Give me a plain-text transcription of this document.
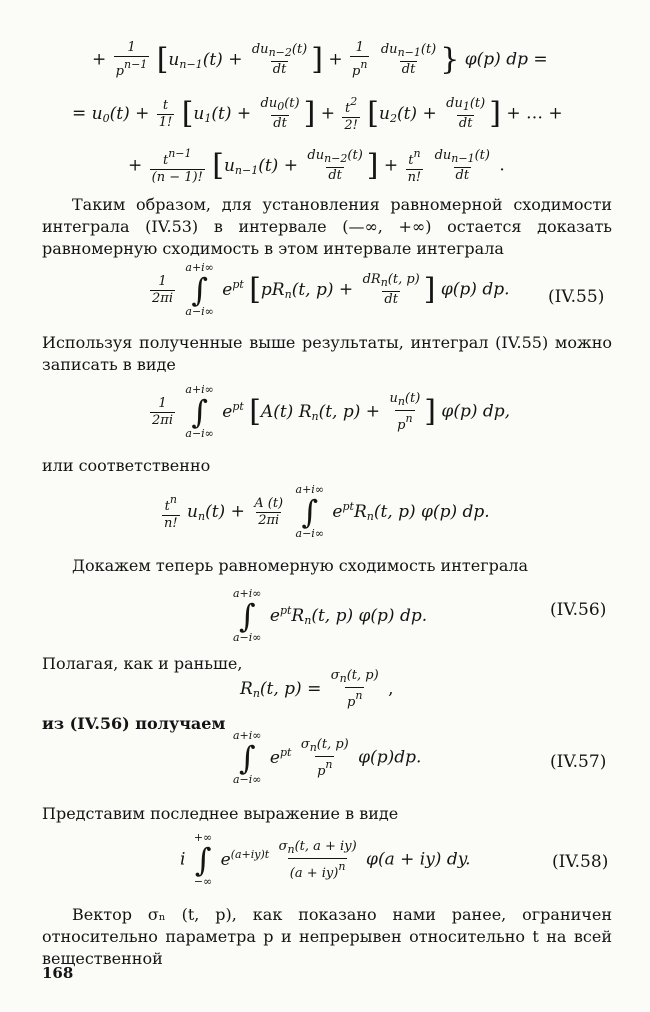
+ $\frac{1}{p^{n-1}} [u_{n-1}(t) + du_{n-2}(t)$
dt ] + $\frac{1}{p^n}$
$du_{n-1}(t)$
dt } φ(p) dp =
= $u_0(t) + \frac{t}{1!} [u_1(t) + \frac{du_0(t)}{dt}$ ] + $\frac{t^2}{2!} [u_2(t) + \frac{du_1(t)}{dt}$ ] + … +
+ $\frac{t^{n-1}}{(n - 1)!} [u_{n-1}(t) + du_{n-2}(t)$
dt ] + $\frac{t^n}{n!}$
$du_{n-1}(t)$
dt .
Таким образом, для установления равномерной сходимости интеграла (IV.53) в интервале (—∞, +∞) остается доказать равномерную сходимость в этом интервале интеграла
$\frac{1}{2\pi i}$

a+i∞
∫
a−i∞
$e^{pt}$ [$pR_n(t$, $p) + dR_n(t$, p)
dt ] φ(p) dp. (IV.55)
Используя полученные выше результаты, интеграл (IV.55) можно записать в виде
$\frac{1}{2\pi i}$

a+i∞
∫
a−i∞
$e^{pt}$ [A(t) $R_n(t$, $p) + \frac{u_n(t)}{p^n}$ ] φ(p) dp,
или соответственно
$\frac{t^n}{n!} u_n(t) + \frac{A (t)}{2\pi i}$

a+i∞
∫
a−i∞
$e^{pt}R_n(t$, p) φ(p) dp.
Докажем теперь равномерную сходимость интеграла
a+i∞
∫
a−i∞
$e^{pt}R_n(t$, p) φ(p) dp.	(IV.56)
Полагая, как и раньше,
$R_n(t$, $p) = \frac{\sigma_n(t, p)}{p^n}$ ,
из (IV.56) получаем
a+i∞
∫
a−i∞
$e^{pt} \frac{\sigma_n(t, p)}{p^n} \varphi(p)dp$.	(IV.57)
Представим последнее выражение в виде
i
+∞
∫
−∞
$e^{(a+iy)t} \frac{\sigma_n(t, a + iy)}{(a + iy)^n} \varphi(a + iy)$ dy.	(IV.58)
Вектор σₙ (t, p), как показано нами ранее, ограничен относительно параметра p и непрерывен относительно t на всей вещественной
168
